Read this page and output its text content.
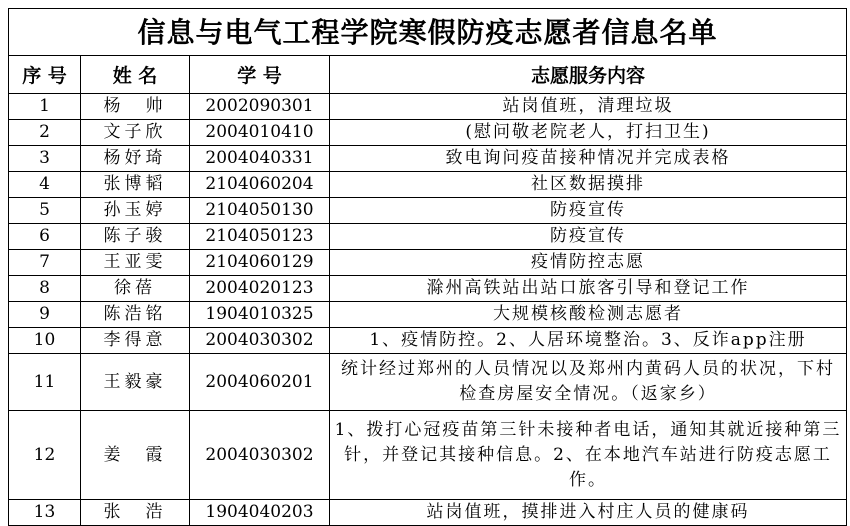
信息与电气工程学院寒假防疫志愿者信息名单			
序 号	姓 名	学 号	志愿服务内容
1	杨　帅	2002090301	站岗值班，清理垃圾
2	文子欣	2004010410	(慰问敬老院老人，打扫卫生)
3	杨妤琦	2004040331	致电询问疫苗接种情况并完成表格
4	张博韬	2104060204	社区数据摸排
5	孙玉婷	2104050130	防疫宣传
6	陈子骏	2104050123	防疫宣传
7	王亚雯	2104060129	疫情防控志愿
8	徐蓓	2004020123	滁州高铁站出站口旅客引导和登记工作
9	陈浩铭	1904010325	大规模核酸检测志愿者
10	李得意	2004030302	1、疫情防控。2、人居环境整治。3、反诈app注册
11	王毅豪	2004060201	统计经过郑州的人员情况以及郑州内黄码人员的状况，下村检查房屋安全情况。（返家乡）
12	姜　霞	2004030302	1、拨打心冠疫苗第三针未接种者电话，通知其就近接种第三针，并登记其接种信息。2、在本地汽车站进行防疫志愿工作。
13	张　浩	1904040203	站岗值班，摸排进入村庄人员的健康码
